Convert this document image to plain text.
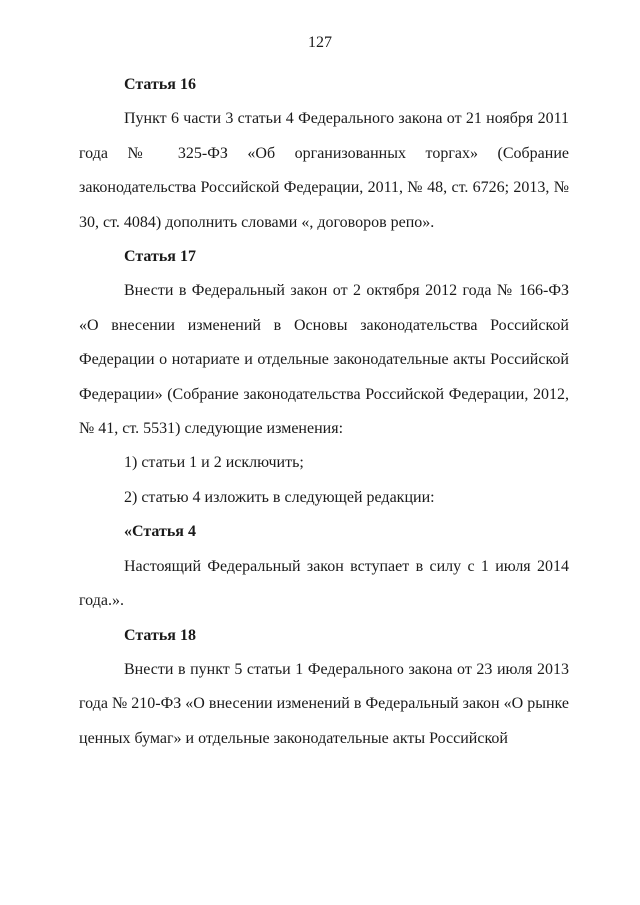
127

Статья 16

Пункт 6 части 3 статьи 4 Федерального закона от 21 ноября 2011 года № 325-ФЗ «Об организованных торгах» (Собрание законодательства Российской Федерации, 2011, № 48, ст. 6726; 2013, № 30, ст. 4084) дополнить словами «, договоров репо».

Статья 17

Внести в Федеральный закон от 2 октября 2012 года № 166-ФЗ «О внесении изменений в Основы законодательства Российской Федерации о нотариате и отдельные законодательные акты Российской Федерации» (Собрание законодательства Российской Федерации, 2012, № 41, ст. 5531) следующие изменения:

1) статьи 1 и 2 исключить;

2) статью 4 изложить в следующей редакции:

«Статья 4

Настоящий Федеральный закон вступает в силу с 1 июля 2014 года.».

Статья 18

Внести в пункт 5 статьи 1 Федерального закона от 23 июля 2013 года № 210-ФЗ «О внесении изменений в Федеральный закон «О рынке ценных бумаг» и отдельные законодательные акты Российской
